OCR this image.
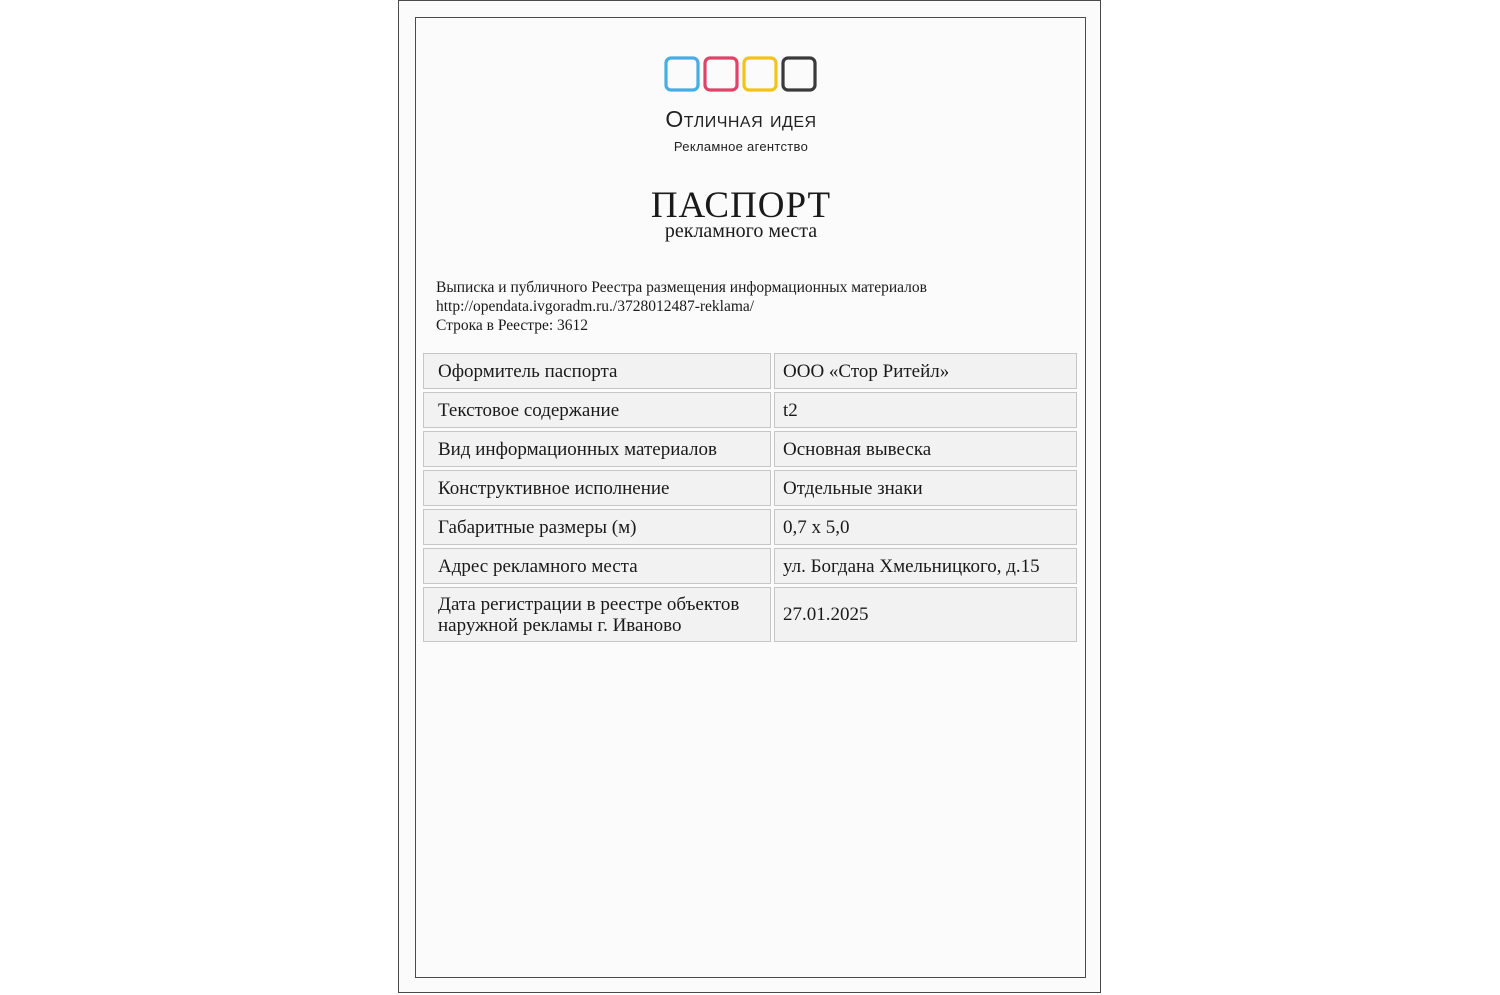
Отличная идея
Рекламное агентство
ПАСПОРТ
рекламного места
Выписка и публичного Реестра размещения информационных материалов
http://opendata.ivgoradm.ru./3728012487-reklama/
Строка в Реестре: 3612
Оформитель паспорта	ООО «Стор Ритейл»
Текстовое содержание	t2
Вид информационных материалов	Основная вывеска
Конструктивное исполнение	Отдельные знаки
Габаритные размеры (м)	0,7 х 5,0
Адрес рекламного места	ул. Богдана Хмельницкого, д.15
Дата регистрации в реестре объектов наружной рекламы г. Иваново	27.01.2025
